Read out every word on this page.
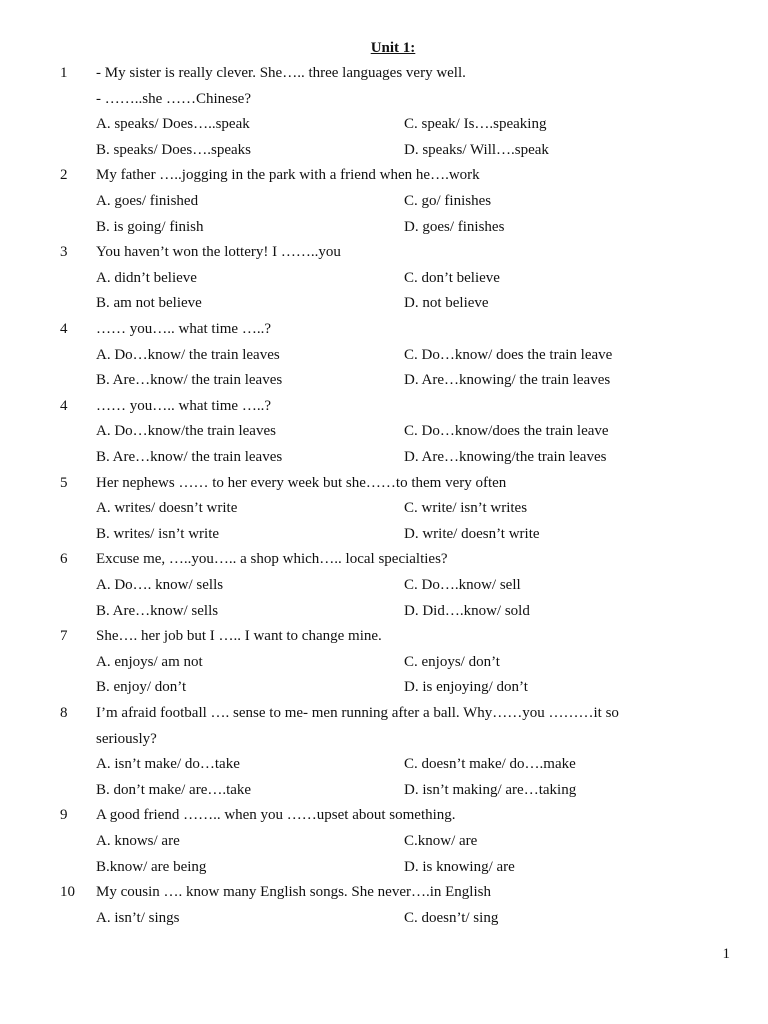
Unit 1:
1 - My sister is really clever. She….. three languages very well.
- ……..she ……Chinese?
A. speaks/ Does…..speak	C. speak/ Is….speaking
B. speaks/ Does….speaks	D. speaks/ Will….speak
2 My father …..jogging in the park with a friend when he….work
A. goes/ finished	C. go/ finishes
B. is going/ finish	D. goes/ finishes
3 You haven’t won the lottery! I ……..you
A. didn’t believe	C. don’t believe
B. am not believe	D. not believe
4 …… you….. what time …..?
A. Do…know/ the train leaves	C. Do…know/ does the train leave
B. Are…know/ the train leaves	D. Are…knowing/ the train leaves
4 …… you….. what time …..?
A. Do…know/the train leaves	C. Do…know/does the train leave
B. Are…know/ the train leaves	D. Are…knowing/the train leaves
5 Her nephews …… to her every week but she……to them very often
A. writes/ doesn’t write	C. write/ isn’t writes
B. writes/ isn’t write	D. write/ doesn’t write
6 Excuse me, …..you….. a shop which….. local specialties?
A. Do…. know/ sells	C. Do….know/ sell
B. Are…know/ sells	D. Did….know/ sold
7 She…. her job but I ….. I want to change mine.
A. enjoys/ am not	C. enjoys/ don’t
B. enjoy/ don’t	D. is enjoying/ don’t
8 I’m afraid football …. sense to me- men running after a ball. Why……you ………it so
seriously?
A. isn’t make/ do…take	C. doesn’t make/ do….make
B. don’t make/ are….take	D. isn’t making/ are…taking
9 A good friend …….. when you ……upset about something.
A. knows/ are	C.know/ are
B.know/ are being	D. is knowing/ are
10 My cousin …. know many English songs. She never….in English
A. isn’t/ sings	C. doesn’t/ sing
1
